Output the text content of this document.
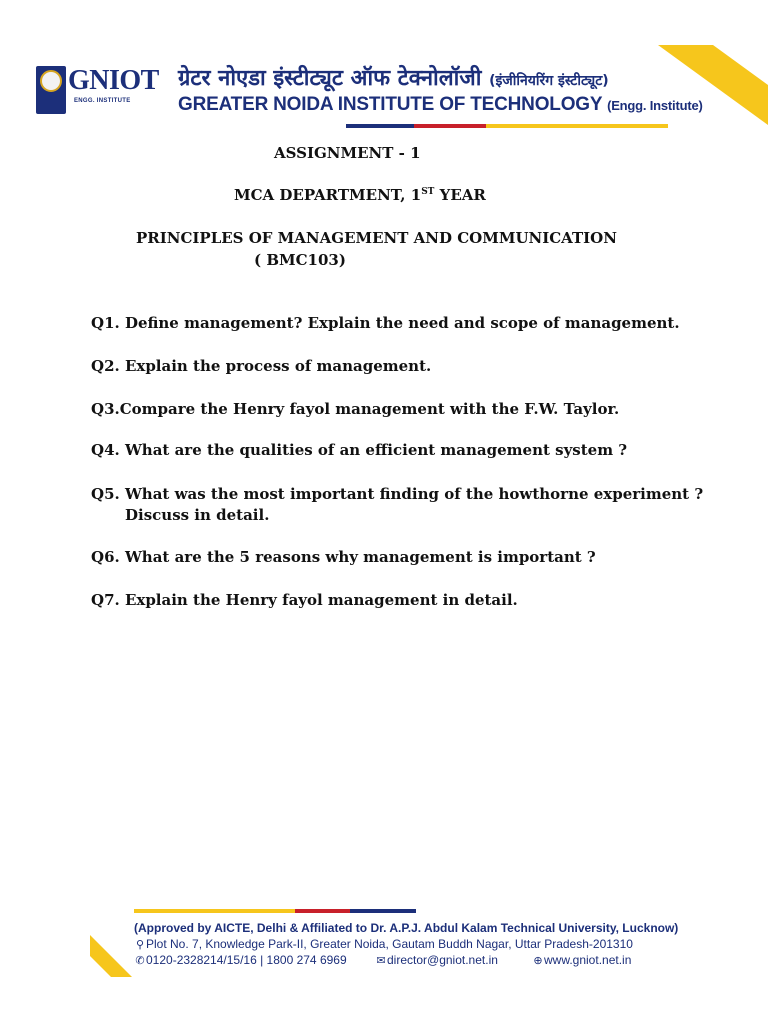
GNIOT
ENGG. INSTITUTE
ग्रेटर नोएडा इंस्टीट्यूट ऑफ टेक्नोलॉजी (इंजीनियरिंग इंस्टीट्यूट)
GREATER NOIDA INSTITUTE OF TECHNOLOGY (Engg. Institute)
ASSIGNMENT - 1
MCA DEPARTMENT, 1ST YEAR
PRINCIPLES OF MANAGEMENT AND COMMUNICATION
( BMC103)
Q1. Define management? Explain the need and scope of management.
Q2. Explain the process of management.
Q3.Compare the Henry fayol management with the F.W. Taylor.
Q4. What are the qualities of an efficient management system ?
Q5. What was the most important finding of the howthorne experiment ?
Discuss in detail.
Q6. What are the 5 reasons why management is important ?
Q7. Explain the Henry fayol management in detail.
(Approved by AICTE, Delhi & Affiliated to Dr. A.P.J. Abdul Kalam Technical University, Lucknow)
⚲ Plot No. 7, Knowledge Park-II, Greater Noida, Gautam Buddh Nagar, Uttar Pradesh-201310
✆0120-2328214/15/16 | 1800 274 6969	✉director@gniot.net.in	⊕www.gniot.net.in
